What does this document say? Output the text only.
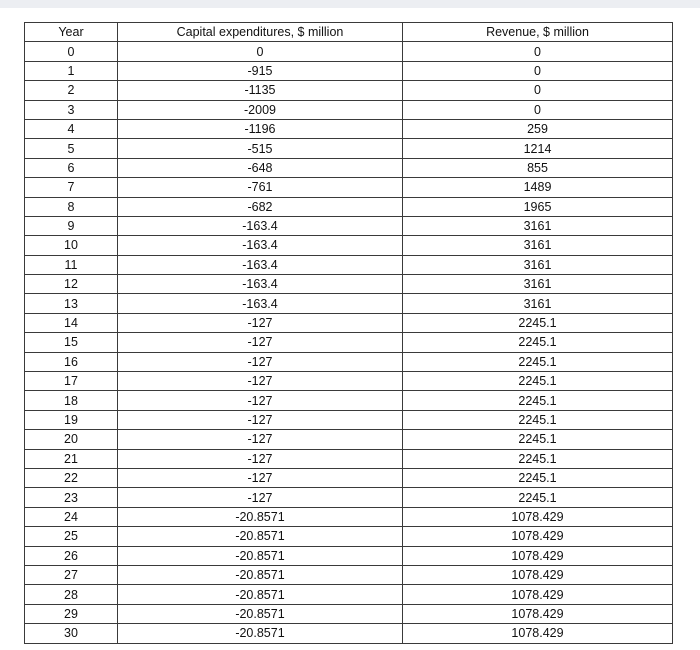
Year	Capital expenditures, $ million	Revenue, $ million
0	0	0
1	-915	0
2	-1135	0
3	-2009	0
4	-1196	259
5	-515	1214
6	-648	855
7	-761	1489
8	-682	1965
9	-163.4	3161
10	-163.4	3161
11	-163.4	3161
12	-163.4	3161
13	-163.4	3161
14	-127	2245.1
15	-127	2245.1
16	-127	2245.1
17	-127	2245.1
18	-127	2245.1
19	-127	2245.1
20	-127	2245.1
21	-127	2245.1
22	-127	2245.1
23	-127	2245.1
24	-20.8571	1078.429
25	-20.8571	1078.429
26	-20.8571	1078.429
27	-20.8571	1078.429
28	-20.8571	1078.429
29	-20.8571	1078.429
30	-20.8571	1078.429
